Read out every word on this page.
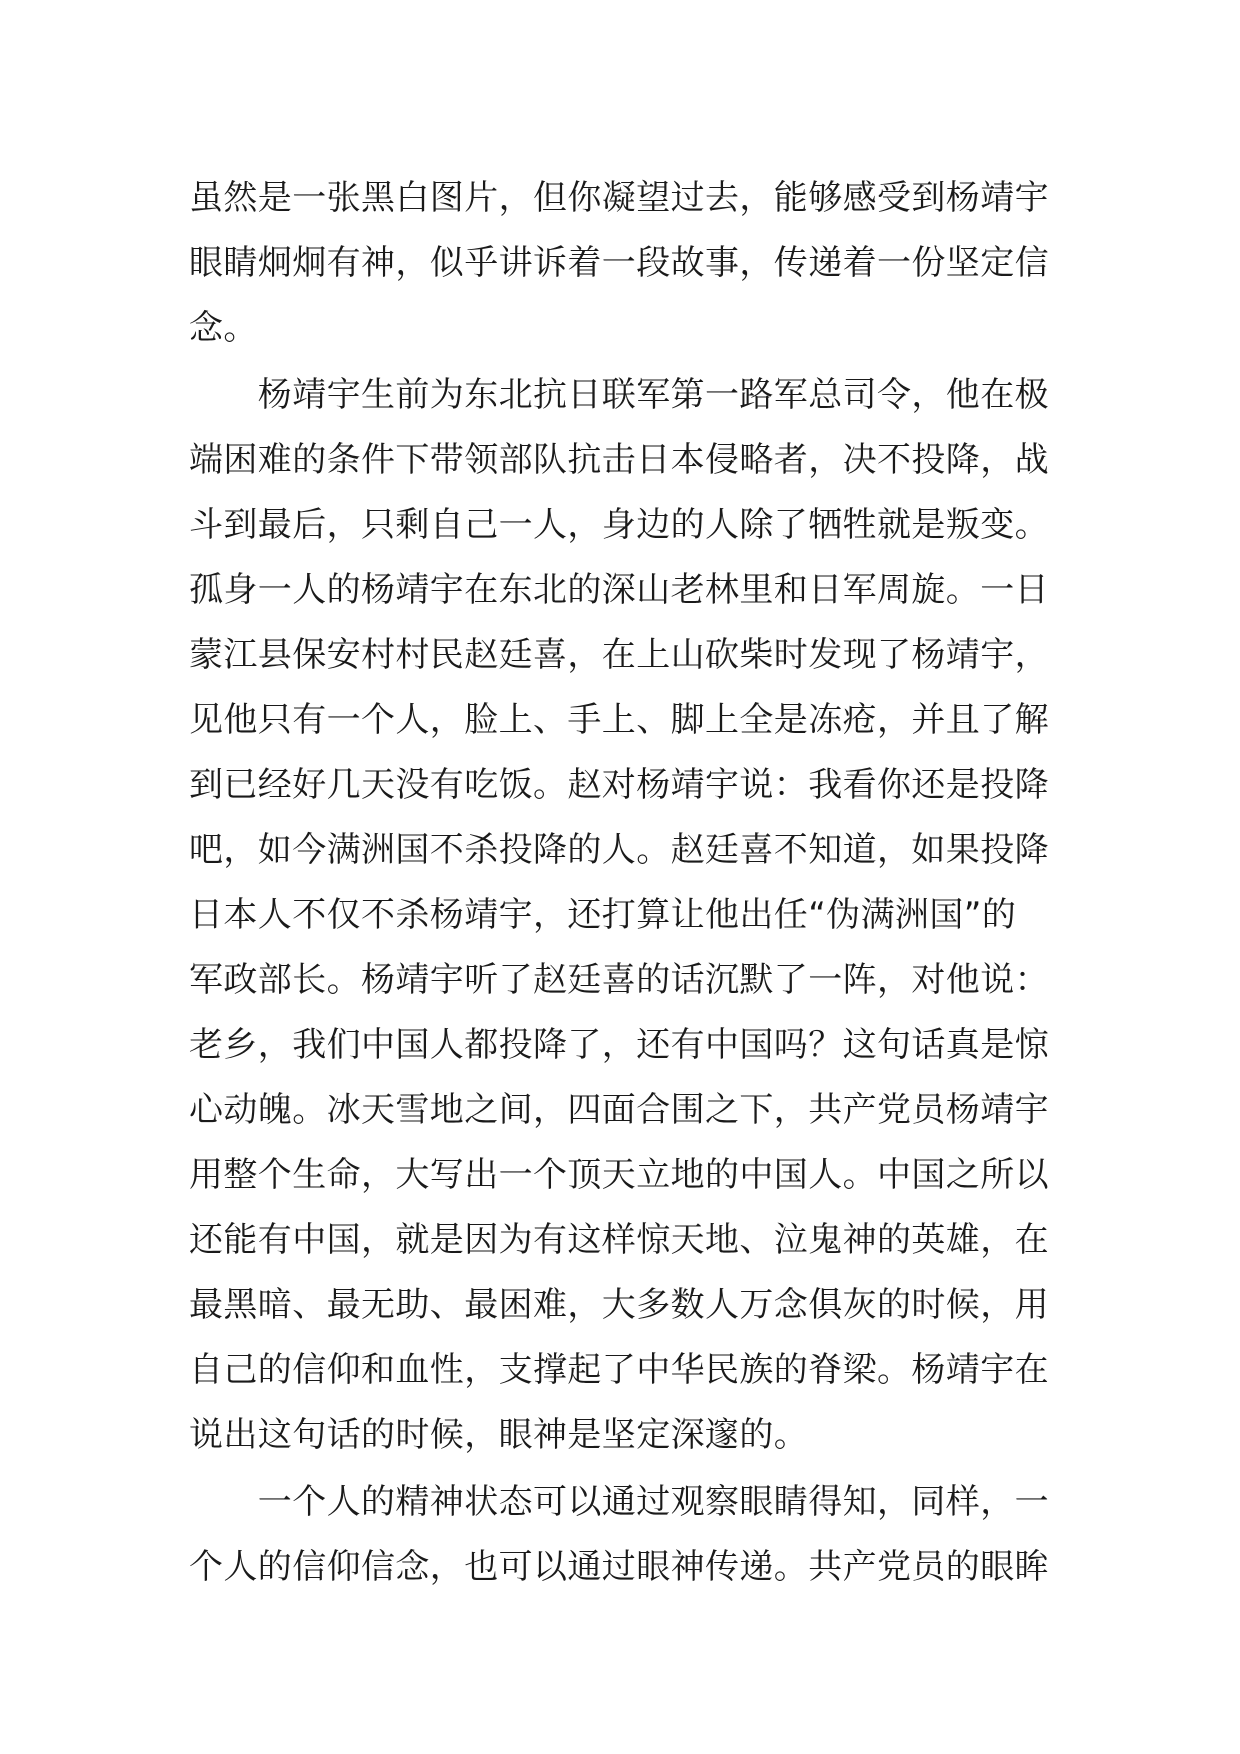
虽然是一张黑白图片，但你凝望过去，能够感受到杨靖宇
眼睛炯炯有神，似乎讲诉着一段故事，传递着一份坚定信
念。
　　杨靖宇生前为东北抗日联军第一路军总司令，他在极
端困难的条件下带领部队抗击日本侵略者，决不投降，战
斗到最后，只剩自己一人，身边的人除了牺牲就是叛变。
孤身一人的杨靖宇在东北的深山老林里和日军周旋。一日
蒙江县保安村村民赵廷喜，在上山砍柴时发现了杨靖宇，
见他只有一个人，脸上、手上、脚上全是冻疮，并且了解
到已经好几天没有吃饭。赵对杨靖宇说：我看你还是投降
吧，如今满洲国不杀投降的人。赵廷喜不知道，如果投降
日本人不仅不杀杨靖宇，还打算让他出任“伪满洲国”的
军政部长。杨靖宇听了赵廷喜的话沉默了一阵，对他说：
老乡，我们中国人都投降了，还有中国吗？这句话真是惊
心动魄。冰天雪地之间，四面合围之下，共产党员杨靖宇
用整个生命，大写出一个顶天立地的中国人。中国之所以
还能有中国，就是因为有这样惊天地、泣鬼神的英雄，在
最黑暗、最无助、最困难，大多数人万念俱灰的时候，用
自己的信仰和血性，支撑起了中华民族的脊梁。杨靖宇在
说出这句话的时候，眼神是坚定深邃的。
　　一个人的精神状态可以通过观察眼睛得知，同样，一
个人的信仰信念，也可以通过眼神传递。共产党员的眼眸
